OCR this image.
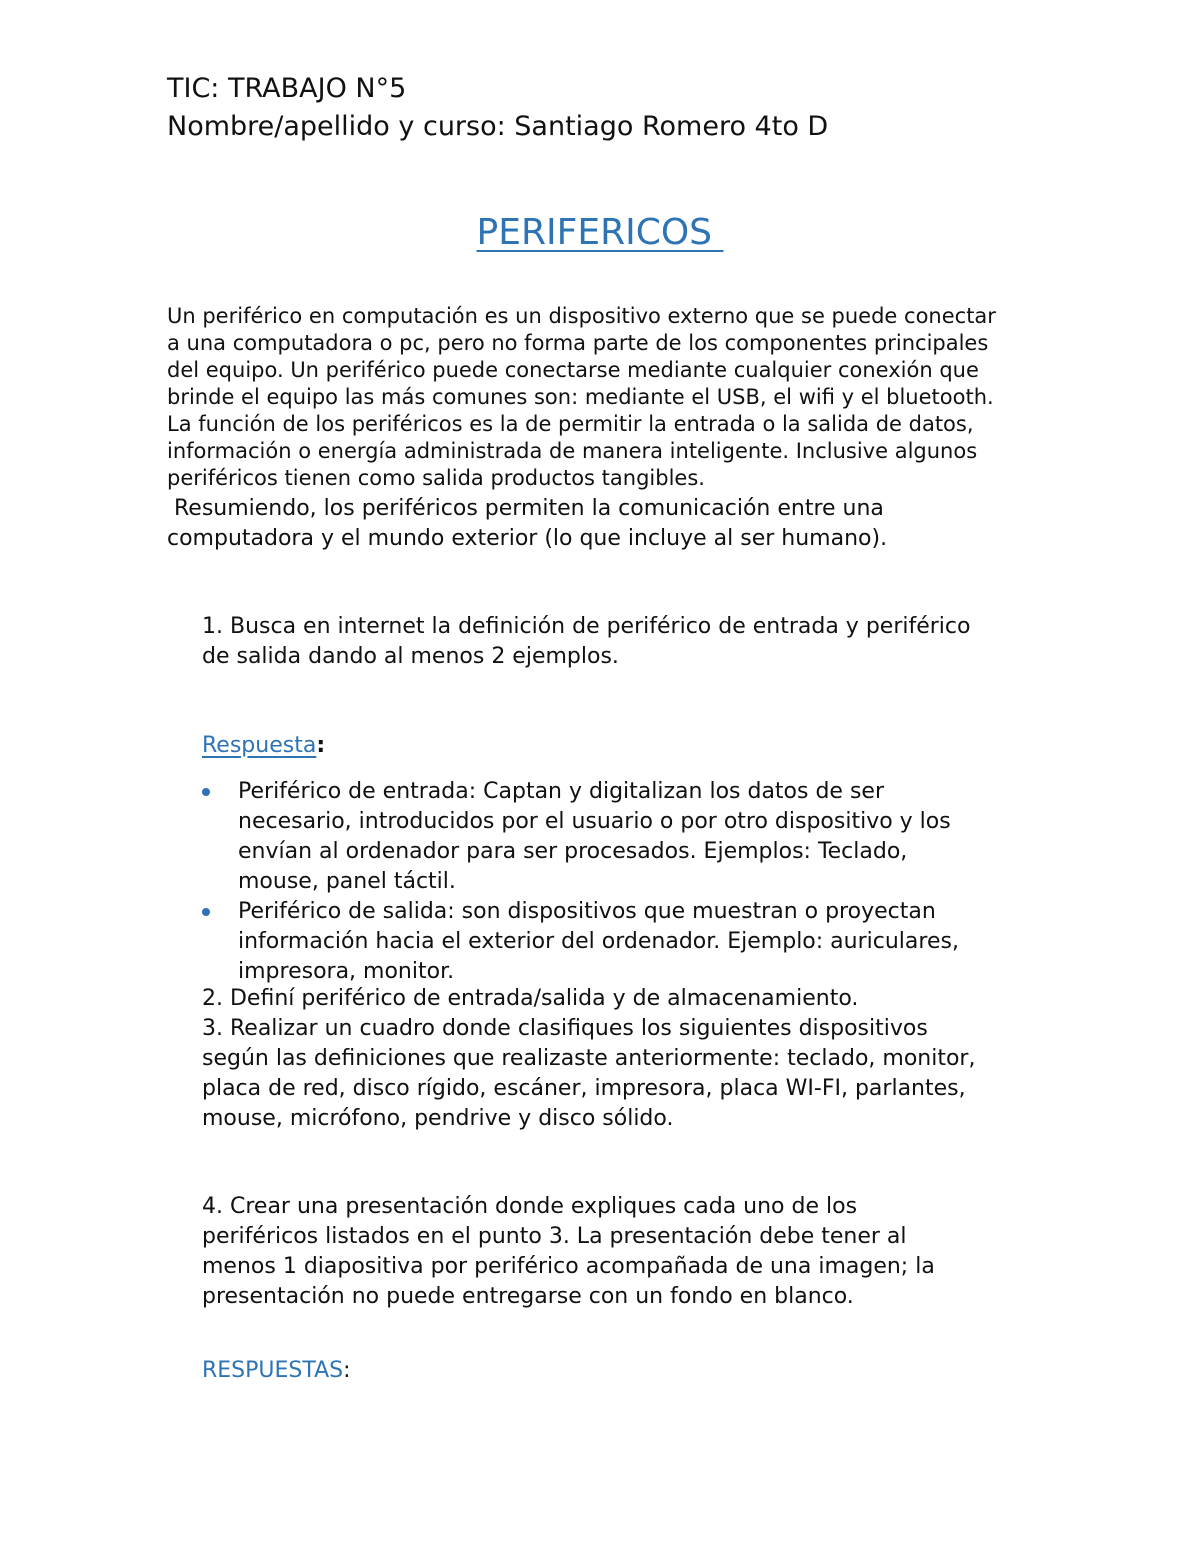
TIC: TRABAJO N°5
Nombre/apellido y curso: Santiago Romero 4to D
PERIFERICOS

Un periférico en computación es un dispositivo externo que se puede conectar

a una computadora o pc, pero no forma parte de los componentes principales

del equipo. Un periférico puede conectarse mediante cualquier conexión que

brinde el equipo las más comunes son: mediante el USB, el wifi y el bluetooth.

La función de los periféricos es la de permitir la entrada o la salida de datos,

información o energía administrada de manera inteligente. Inclusive algunos

periféricos tienen como salida productos tangibles.

Resumiendo, los periféricos permiten la comunicación entre una

computadora y el mundo exterior (lo que incluye al ser humano).

1. Busca en internet la definición de periférico de entrada y periférico

de salida dando al menos 2 ejemplos.

Respuesta:
Periférico de entrada: Captan y digitalizan los datos de ser
necesario, introducidos por el usuario o por otro dispositivo y los
envían al ordenador para ser procesados. Ejemplos: Teclado,
mouse, panel táctil.
Periférico de salida: son dispositivos que muestran o proyectan
información hacia el exterior del ordenador. Ejemplo: auriculares,
impresora, monitor.

2. Definí periférico de entrada/salida y de almacenamiento.

3. Realizar un cuadro donde clasifiques los siguientes dispositivos

según las definiciones que realizaste anteriormente: teclado, monitor,

placa de red, disco rígido, escáner, impresora, placa WI-FI, parlantes,

mouse, micrófono, pendrive y disco sólido.

4. Crear una presentación donde expliques cada uno de los

periféricos listados en el punto 3. La presentación debe tener al

menos 1 diapositiva por periférico acompañada de una imagen; la

presentación no puede entregarse con un fondo en blanco.

RESPUESTAS:
